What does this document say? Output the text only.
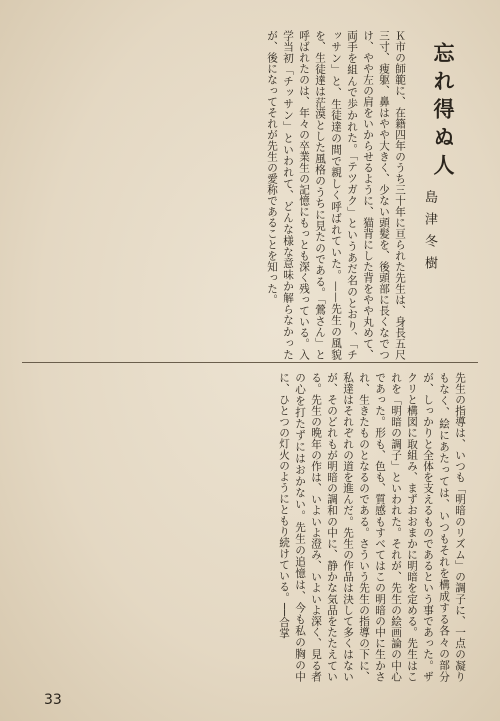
忘れ得ぬ人
島津冬樹
Ｋ市の師範に、在籍四年のうち三十年に亘られた先生は、身長五尺三寸、痩躯、鼻はやや大きく、少ない頭髪を、後頭部に長くなでつけ、やや左の肩をいからせるように、猫背にした背をやや丸めて、両手を組んで歩かれた。「テツガク」というあだ名のとおり、「チッサン」と、生徒達の間で親しく呼ばれていた。——先生の風貌を、生徒達は茫漠とした風格のうちに見たのである。「鶯さん」と呼ばれたのは、年々の卒業生の記憶にもっとも深く残っている。入学当初「チッサン」といわれて、どんな様な意味か解らなかったが、後になってそれが先生の愛称であることを知った。
先生の指導は、いつも「明暗のリズム」の調子に、一点の凝りもなく、絵にあたっては、いつもそれを構成する各々の部分が、しっかりと全体を支えるものであるという事であった。ザクリと構図に取組み、まずおおまかに明暗を定める。先生はこれを「明暗の調子」といわれた。それが、先生の絵画論の中心であった。形も、色も、質感もすべてはこの明暗の中に生かされ、生きたものとなるのである。さういう先生の指導の下に、私達はそれぞれの道を進んだ。先生の作品は決して多くはないが、そのどれもが明暗の調和の中に、静かな気品をたたえている。先生の晩年の作は、いよいよ澄み、いよいよ深く、見る者の心を打たずにはおかない。先生の追憶は、今も私の胸の中に、ひとつの灯火のようにともり続けている。──合掌
33
